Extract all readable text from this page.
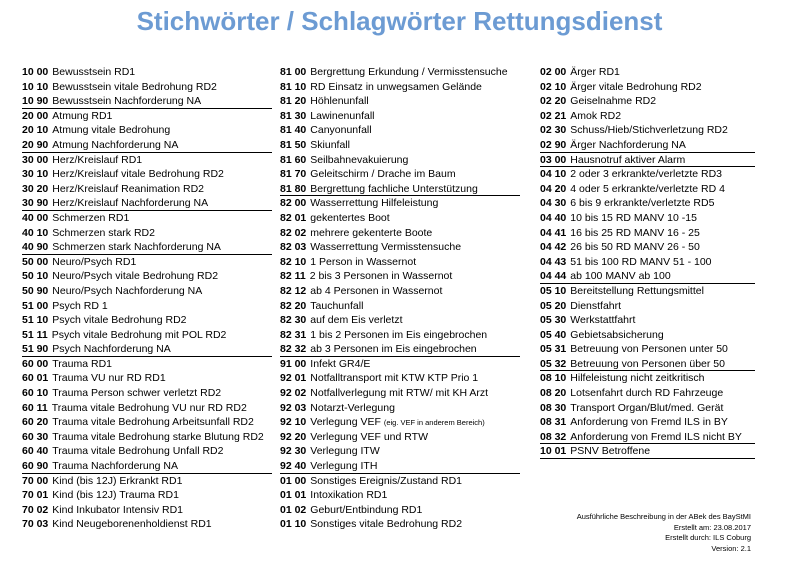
Stichwörter / Schlagwörter Rettungsdienst
10 00 Bewusstsein RD1
10 10 Bewusstsein vitale Bedrohung RD2
10 90 Bewusstsein Nachforderung NA
20 00 Atmung RD1
20 10 Atmung vitale Bedrohung
20 90 Atmung Nachforderung NA
30 00 Herz/Kreislauf RD1
30 10 Herz/Kreislauf vitale Bedrohung RD2
30 20 Herz/Kreislauf Reanimation RD2
30 90 Herz/Kreislauf Nachforderung NA
40 00 Schmerzen RD1
40 10 Schmerzen stark RD2
40 90 Schmerzen stark Nachforderung NA
50 00 Neuro/Psych RD1
50 10 Neuro/Psych vitale Bedrohung RD2
50 90 Neuro/Psych Nachforderung NA
51 00 Psych RD 1
51 10 Psych vitale Bedrohung RD2
51 11 Psych vitale Bedrohung mit POL RD2
51 90 Psych Nachforderung NA
60 00 Trauma RD1
60 01 Trauma VU nur RD RD1
60 10 Trauma Person schwer verletzt RD2
60 11 Trauma vitale Bedrohung VU nur RD RD2
60 20 Trauma vitale Bedrohung Arbeitsunfall RD2
60 30 Trauma vitale Bedrohung starke Blutung RD2
60 40 Trauma vitale Bedrohung Unfall RD2
60 90 Trauma Nachforderung NA
70 00 Kind (bis 12J) Erkrankt RD1
70 01 Kind (bis 12J) Trauma RD1
70 02 Kind Inkubator Intensiv RD1
70 03 Kind Neugeborenenholdienst RD1
81 00 Bergrettung Erkundung / Vermisstensuche
81 10 RD Einsatz in unwegsamen Gelände
81 20 Höhlenunfall
81 30 Lawinenunfall
81 40 Canyonunfall
81 50 Skiunfall
81 60 Seilbahnevakuierung
81 70 Geleitschirm / Drache im Baum
81 80 Bergrettung fachliche Unterstützung
82 00 Wasserrettung Hilfeleistung
82 01 gekentertes Boot
82 02 mehrere gekenterte Boote
82 03 Wasserrettung Vermisstensuche
82 10 1 Person in Wassernot
82 11 2 bis 3 Personen in Wassernot
82 12 ab 4 Personen in Wassernot
82 20 Tauchunfall
82 30 auf dem Eis verletzt
82 31 1 bis 2 Personen im Eis eingebrochen
82 32 ab 3 Personen im Eis eingebrochen
91 00 Infekt GR4/E
92 01 Notfalltransport mit KTW KTP Prio 1
92 02 Notfallverlegung mit RTW/ mit KH Arzt
92 03 Notarzt-Verlegung
92 10 Verlegung VEF (eig. VEF in anderem Bereich)
92 20 Verlegung VEF und RTW
92 30 Verlegung ITW
92 40 Verlegung ITH
01 00 Sonstiges Ereignis/Zustand RD1
01 01 Intoxikation RD1
01 02 Geburt/Entbindung RD1
01 10 Sonstiges vitale Bedrohung RD2
02 00 Ärger RD1
02 10 Ärger vitale Bedrohung RD2
02 20 Geiselnahme RD2
02 21 Amok RD2
02 30 Schuss/Hieb/Stichverletzung RD2
02 90 Ärger Nachforderung NA
03 00 Hausnotruf aktiver Alarm
04 10 2 oder 3 erkrankte/verletzte RD3
04 20 4 oder 5 erkrankte/verletzte RD 4
04 30 6 bis 9 erkrankte/verletzte RD5
04 40 10 bis 15 RD MANV 10 -15
04 41 16 bis 25 RD MANV 16 - 25
04 42 26 bis 50 RD MANV 26 - 50
04 43 51 bis 100 RD MANV 51 - 100
04 44 ab 100 MANV ab 100
05 10 Bereitstellung Rettungsmittel
05 20 Dienstfahrt
05 30 Werkstattfahrt
05 40 Gebietsabsicherung
05 31 Betreuung von Personen unter 50
05 32 Betreuung von Personen über 50
08 10 Hilfeleistung nicht zeitkritisch
08 20 Lotsenfahrt durch RD Fahrzeuge
08 30 Transport Organ/Blut/med. Gerät
08 31 Anforderung von Fremd ILS in BY
08 32 Anforderung von Fremd ILS nicht BY
10 01 PSNV Betroffene
Ausführliche Beschreibung in der ABek des BayStMI
Erstellt am: 23.08.2017
Erstellt durch: ILS Coburg
Version: 2.1
